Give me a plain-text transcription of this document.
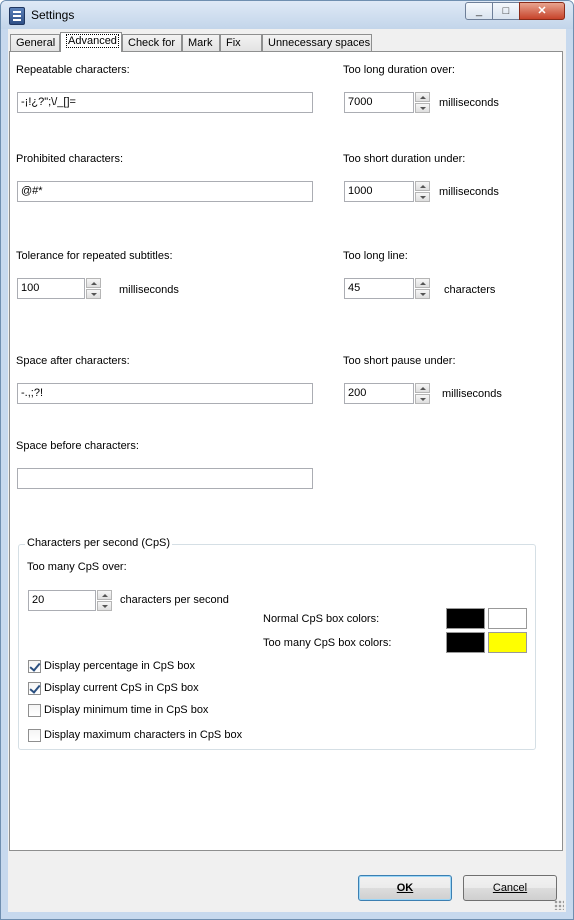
Settings	_	□	✕
General	Advanced	Check for	Mark	Fix	Unnecessary spaces
Repeatable characters:
-¡!¿?";\/_[]=
Prohibited characters:
@#*
Tolerance for repeated subtitles:
100	milliseconds
Space after characters:
-.,;?!
Space before characters:
Too long duration over:
7000	milliseconds
Too short duration under:
1000	milliseconds
Too long line:
45	characters
Too short pause under:
200	milliseconds
Characters per second (CpS)
Too many CpS over:
20	characters per second
Normal CpS box colors:
Too many CpS box colors:
Display percentage in CpS box
Display current CpS in CpS box
Display minimum time in CpS box
Display maximum characters in CpS box
OK	Cancel
